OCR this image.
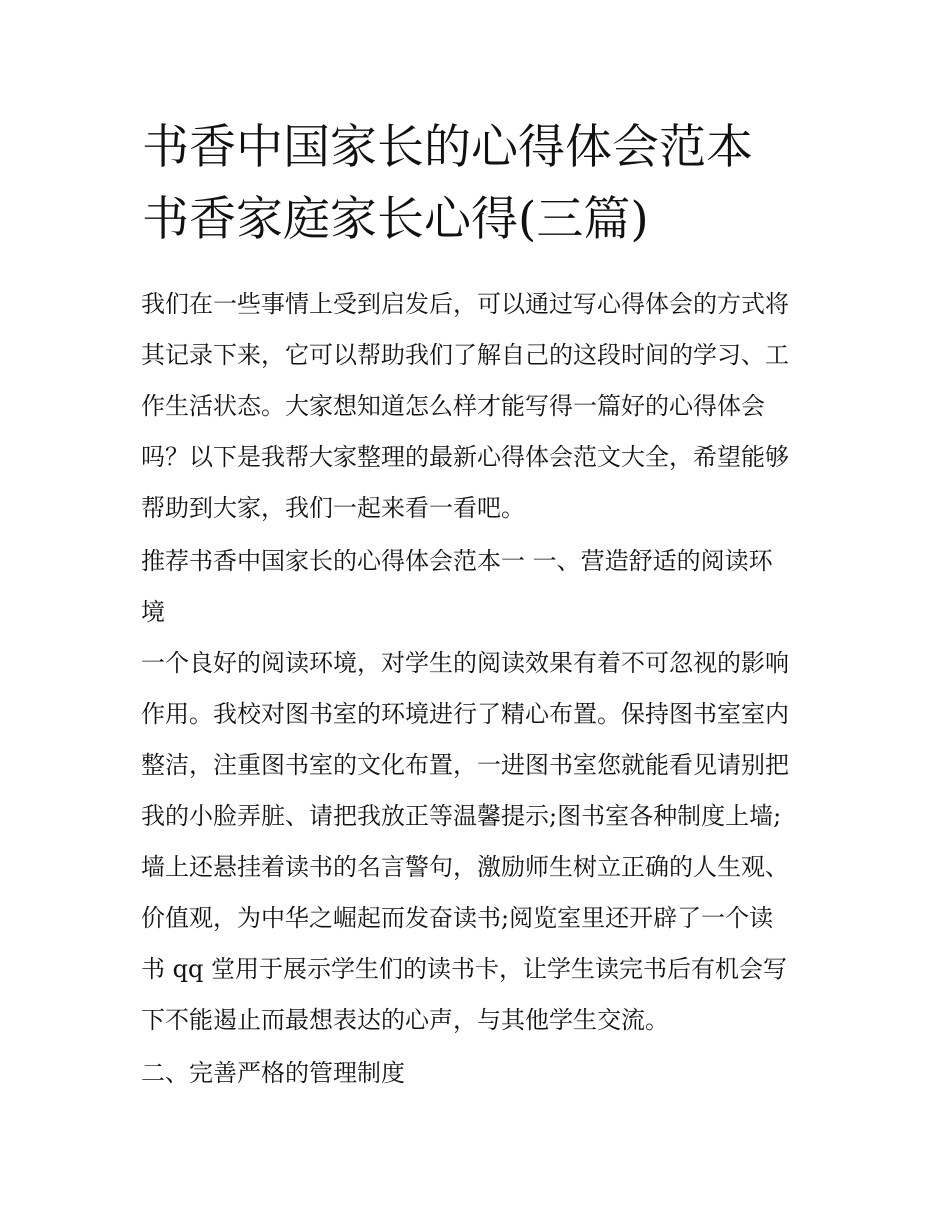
书香中国家长的心得体会范本
书香家庭家长心得(三篇)

我们在一些事情上受到启发后，可以通过写心得体会的方式将

其记录下来，它可以帮助我们了解自己的这段时间的学习、工

作生活状态。大家想知道怎么样才能写得一篇好的心得体会

吗？以下是我帮大家整理的最新心得体会范文大全，希望能够

帮助到大家，我们一起来看一看吧。

推荐书香中国家长的心得体会范本一 一、营造舒适的阅读环

境

一个良好的阅读环境，对学生的阅读效果有着不可忽视的影响

作用。我校对图书室的环境进行了精心布置。保持图书室室内

整洁，注重图书室的文化布置，一进图书室您就能看见请别把

我的小脸弄脏、请把我放正等温馨提示;图书室各种制度上墙;

墙上还悬挂着读书的名言警句，激励师生树立正确的人生观、

价值观，为中华之崛起而发奋读书;阅览室里还开辟了一个读

书 qq 堂用于展示学生们的读书卡，让学生读完书后有机会写

下不能遏止而最想表达的心声，与其他学生交流。

二、完善严格的管理制度
